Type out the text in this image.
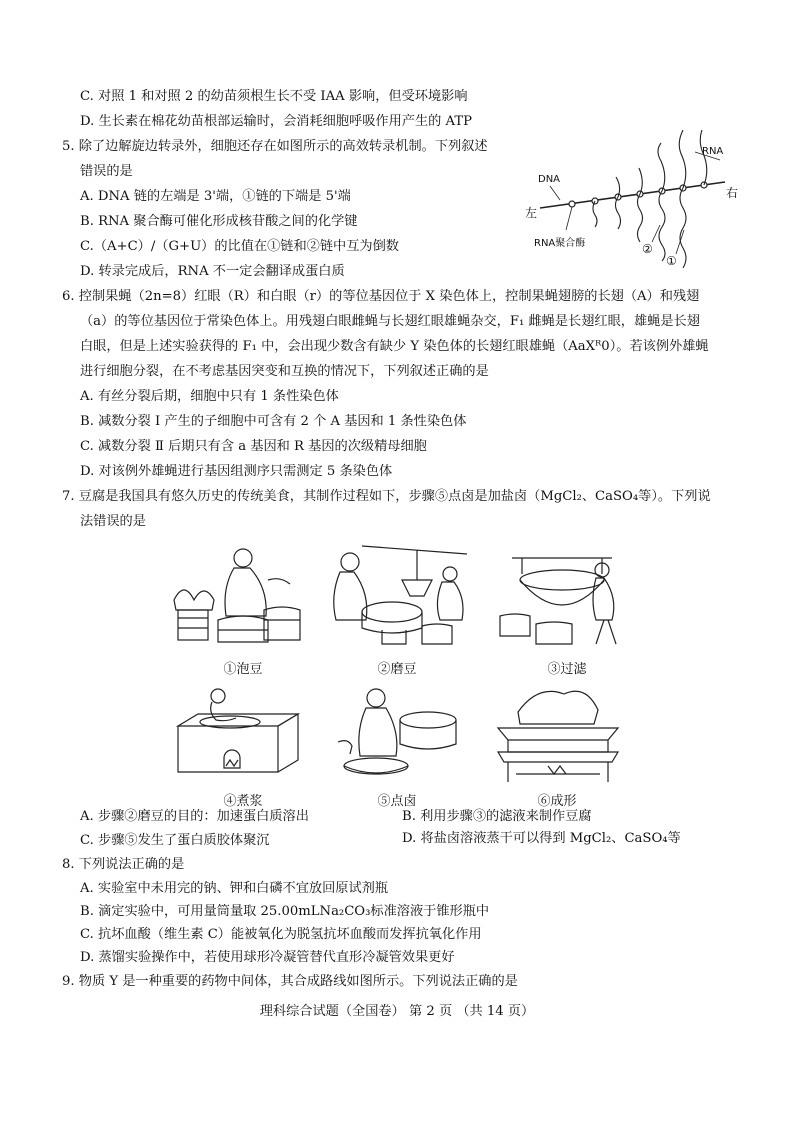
C. 对照 1 和对照 2 的幼苗须根生长不受 IAA 影响，但受环境影响
D. 生长素在棉花幼苗根部运输时，会消耗细胞呼吸作用产生的 ATP
5. 除了边解旋边转录外，细胞还存在如图所示的高效转录机制。下列叙述
错误的是
A. DNA 链的左端是 3'端，①链的下端是 5'端
B. RNA 聚合酶可催化形成核苷酸之间的化学键
C.（A+C）/（G+U）的比值在①链和②链中互为倒数
D. 转录完成后，RNA 不一定会翻译成蛋白质
RNA
DNA
左
右
RNA聚合酶	②
①
6. 控制果蝇（2n=8）红眼（R）和白眼（r）的等位基因位于 X 染色体上，控制果蝇翅膀的长翅（A）和残翅
（a）的等位基因位于常染色体上。用残翅白眼雌蝇与长翅红眼雄蝇杂交，F₁ 雌蝇是长翅红眼，雄蝇是长翅
白眼，但是上述实验获得的 F₁ 中，会出现少数含有缺少 Y 染色体的长翅红眼雄蝇（AaXᴿ0）。若该例外雄蝇
进行细胞分裂，在不考虑基因突变和互换的情况下，下列叙述正确的是
A. 有丝分裂后期，细胞中只有 1 条性染色体
B. 减数分裂 Ⅰ 产生的子细胞中可含有 2 个 A 基因和 1 条性染色体
C. 减数分裂 Ⅱ 后期只有含 a 基因和 R 基因的次级精母细胞
D. 对该例外雄蝇进行基因组测序只需测定 5 条染色体
7. 豆腐是我国具有悠久历史的传统美食，其制作过程如下，步骤⑤点卤是加盐卤（MgCl₂、CaSO₄等）。下列说
法错误的是
①泡豆	②磨豆	③过滤
④煮浆	⑤点卤	⑥成形
A. 步骤②磨豆的目的：加速蛋白质溶出	B. 利用步骤③的滤液来制作豆腐
C. 步骤⑤发生了蛋白质胶体聚沉	D. 将盐卤溶液蒸干可以得到 MgCl₂、CaSO₄等
8. 下列说法正确的是
A. 实验室中未用完的钠、钾和白磷不宜放回原试剂瓶
B. 滴定实验中，可用量筒量取 25.00mLNa₂CO₃标准溶液于锥形瓶中
C. 抗坏血酸（维生素 C）能被氧化为脱氢抗坏血酸而发挥抗氧化作用
D. 蒸馏实验操作中，若使用球形冷凝管替代直形冷凝管效果更好
9. 物质 Y 是一种重要的药物中间体，其合成路线如图所示。下列说法正确的是
理科综合试题（全国卷） 第 2 页 （共 14 页）
